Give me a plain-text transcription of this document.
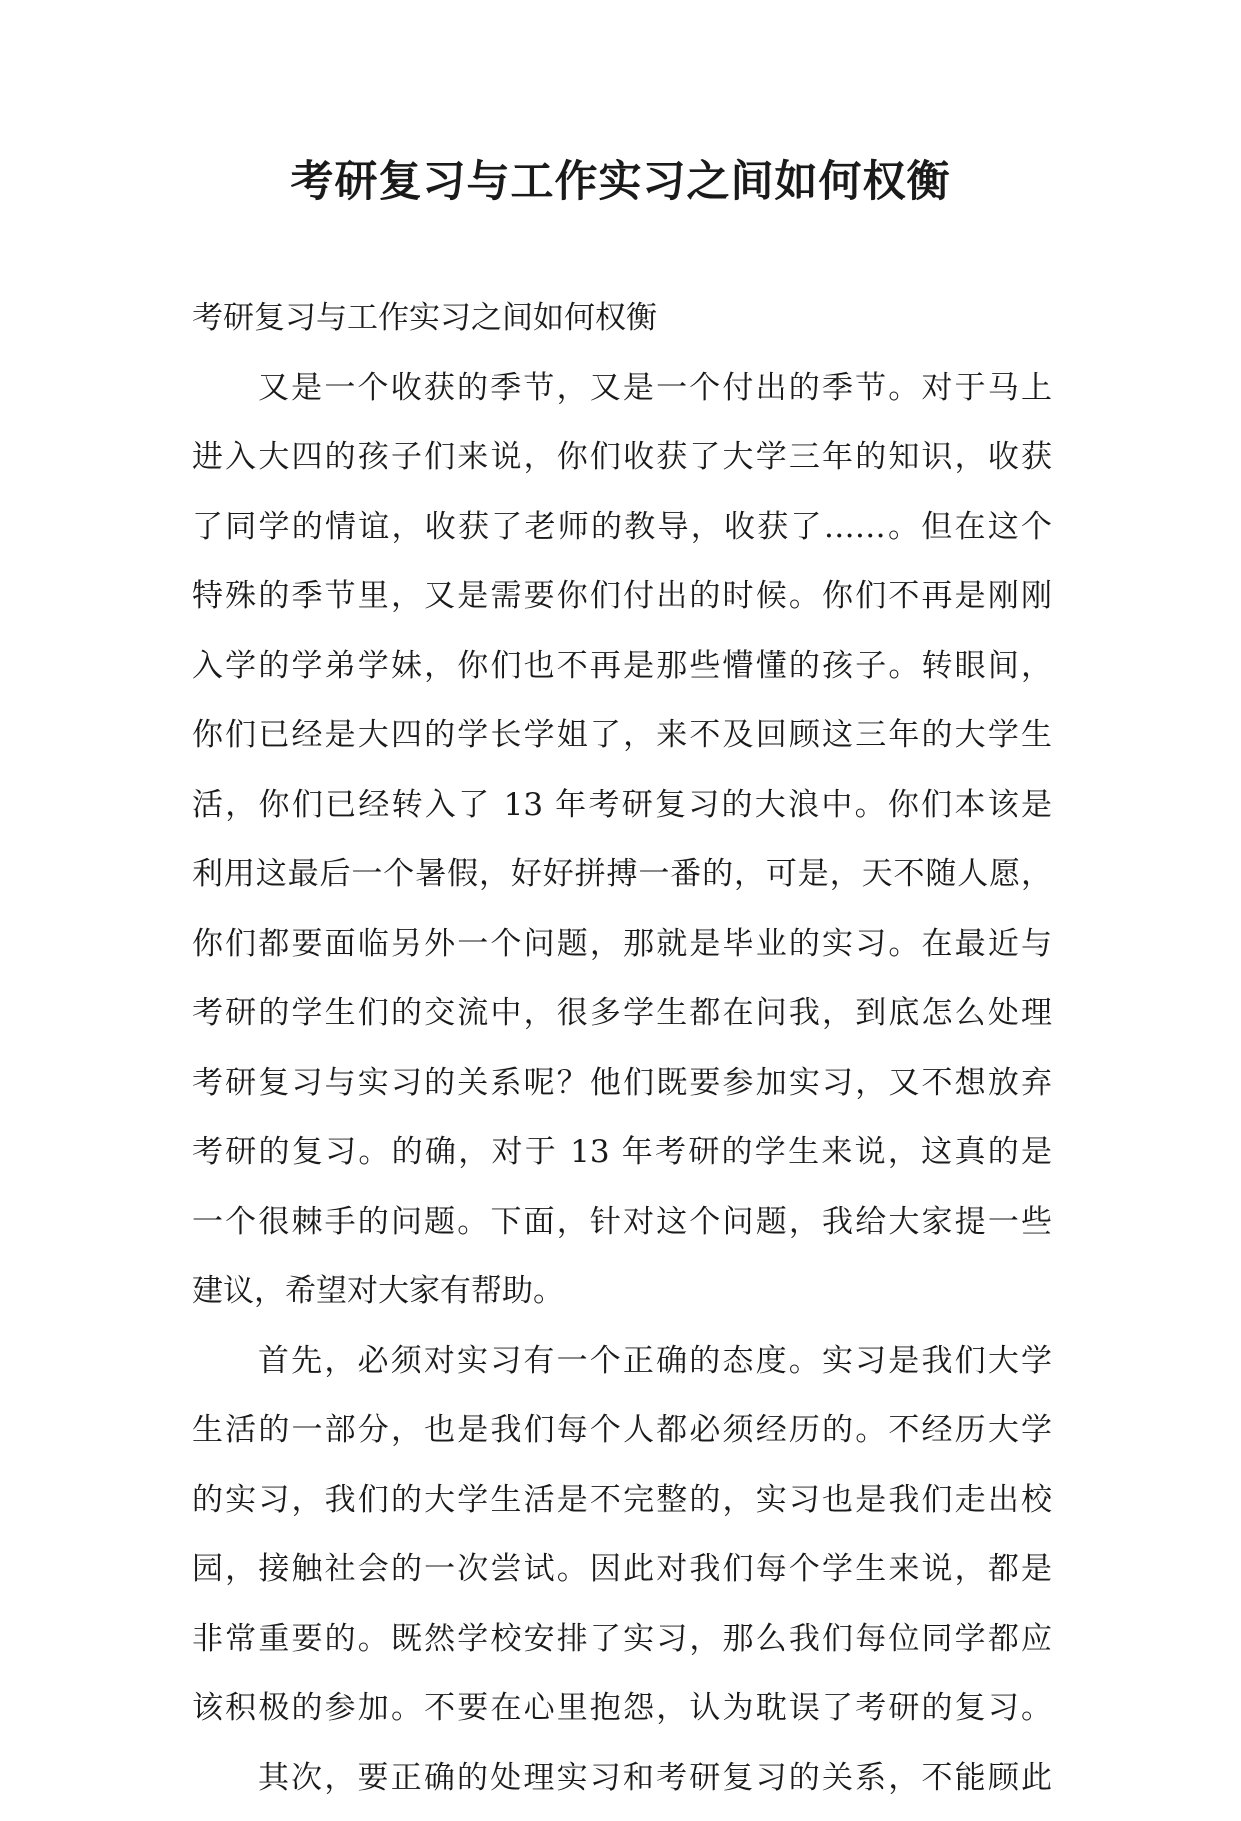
考研复习与工作实习之间如何权衡
考研复习与工作实习之间如何权衡
又是一个收获的季节，又是一个付出的季节。对于马上
进入大四的孩子们来说，你们收获了大学三年的知识，收获
了同学的情谊，收获了老师的教导，收获了……。但在这个
特殊的季节里，又是需要你们付出的时候。你们不再是刚刚
入学的学弟学妹，你们也不再是那些懵懂的孩子。转眼间，
你们已经是大四的学长学姐了，来不及回顾这三年的大学生
活，你们已经转入了 13 年考研复习的大浪中。你们本该是
利用这最后一个暑假，好好拼搏一番的，可是，天不随人愿，
你们都要面临另外一个问题，那就是毕业的实习。在最近与
考研的学生们的交流中，很多学生都在问我，到底怎么处理
考研复习与实习的关系呢？他们既要参加实习，又不想放弃
考研的复习。的确，对于 13 年考研的学生来说，这真的是
一个很棘手的问题。下面，针对这个问题，我给大家提一些
建议，希望对大家有帮助。
首先，必须对实习有一个正确的态度。实习是我们大学
生活的一部分，也是我们每个人都必须经历的。不经历大学
的实习，我们的大学生活是不完整的，实习也是我们走出校
园，接触社会的一次尝试。因此对我们每个学生来说，都是
非常重要的。既然学校安排了实习，那么我们每位同学都应
该积极的参加。不要在心里抱怨，认为耽误了考研的复习。
其次，要正确的处理实习和考研复习的关系，不能顾此
